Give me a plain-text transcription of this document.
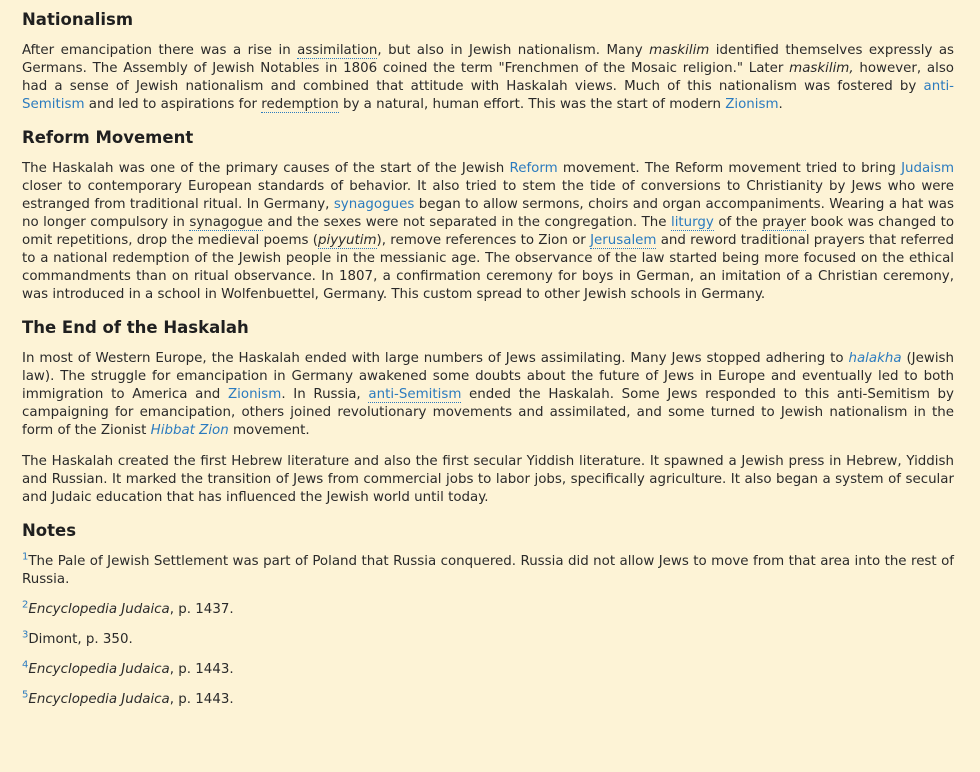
Nationalism

After emancipation there was a rise in assimilation, but also in Jewish nationalism. Many maskilim identified themselves expressly as Germans. The Assembly of Jewish Notables in 1806 coined the term "Frenchmen of the Mosaic religion." Later maskilim, however, also had a sense of Jewish nationalism and combined that attitude with Haskalah views. Much of this nationalism was fostered by anti-Semitism and led to aspirations for redemption by a natural, human effort. This was the start of modern Zionism.

Reform Movement

The Haskalah was one of the primary causes of the start of the Jewish Reform movement. The Reform movement tried to bring Judaism closer to contemporary European standards of behavior. It also tried to stem the tide of conversions to Christianity by Jews who were estranged from traditional ritual. In Germany, synagogues began to allow sermons, choirs and organ accompaniments. Wearing a hat was no longer compulsory in synagogue and the sexes were not separated in the congregation. The liturgy of the prayer book was changed to omit repetitions, drop the medieval poems (piyyutim), remove references to Zion or Jerusalem and reword traditional prayers that referred to a national redemption of the Jewish people in the messianic age. The observance of the law started being more focused on the ethical commandments than on ritual observance. In 1807, a confirmation ceremony for boys in German, an imitation of a Christian ceremony, was introduced in a school in Wolfenbuettel, Germany. This custom spread to other Jewish schools in Germany.

The End of the Haskalah

In most of Western Europe, the Haskalah ended with large numbers of Jews assimilating. Many Jews stopped adhering to halakha (Jewish law). The struggle for emancipation in Germany awakened some doubts about the future of Jews in Europe and eventually led to both immigration to America and Zionism. In Russia, anti-Semitism ended the Haskalah. Some Jews responded to this anti-Semitism by campaigning for emancipation, others joined revolutionary movements and assimilated, and some turned to Jewish nationalism in the form of the Zionist Hibbat Zion movement.

The Haskalah created the first Hebrew literature and also the first secular Yiddish literature. It spawned a Jewish press in Hebrew, Yiddish and Russian. It marked the transition of Jews from commercial jobs to labor jobs, specifically agriculture. It also began a system of secular and Judaic education that has influenced the Jewish world until today.

Notes

$^1$The Pale of Jewish Settlement was part of Poland that Russia conquered. Russia did not allow Jews to move from that area into the rest of Russia.

$^2$Encyclopedia Judaica, p. 1437.

$^3$Dimont, p. 350.

$^4$Encyclopedia Judaica, p. 1443.

$^5$Encyclopedia Judaica, p. 1443.
